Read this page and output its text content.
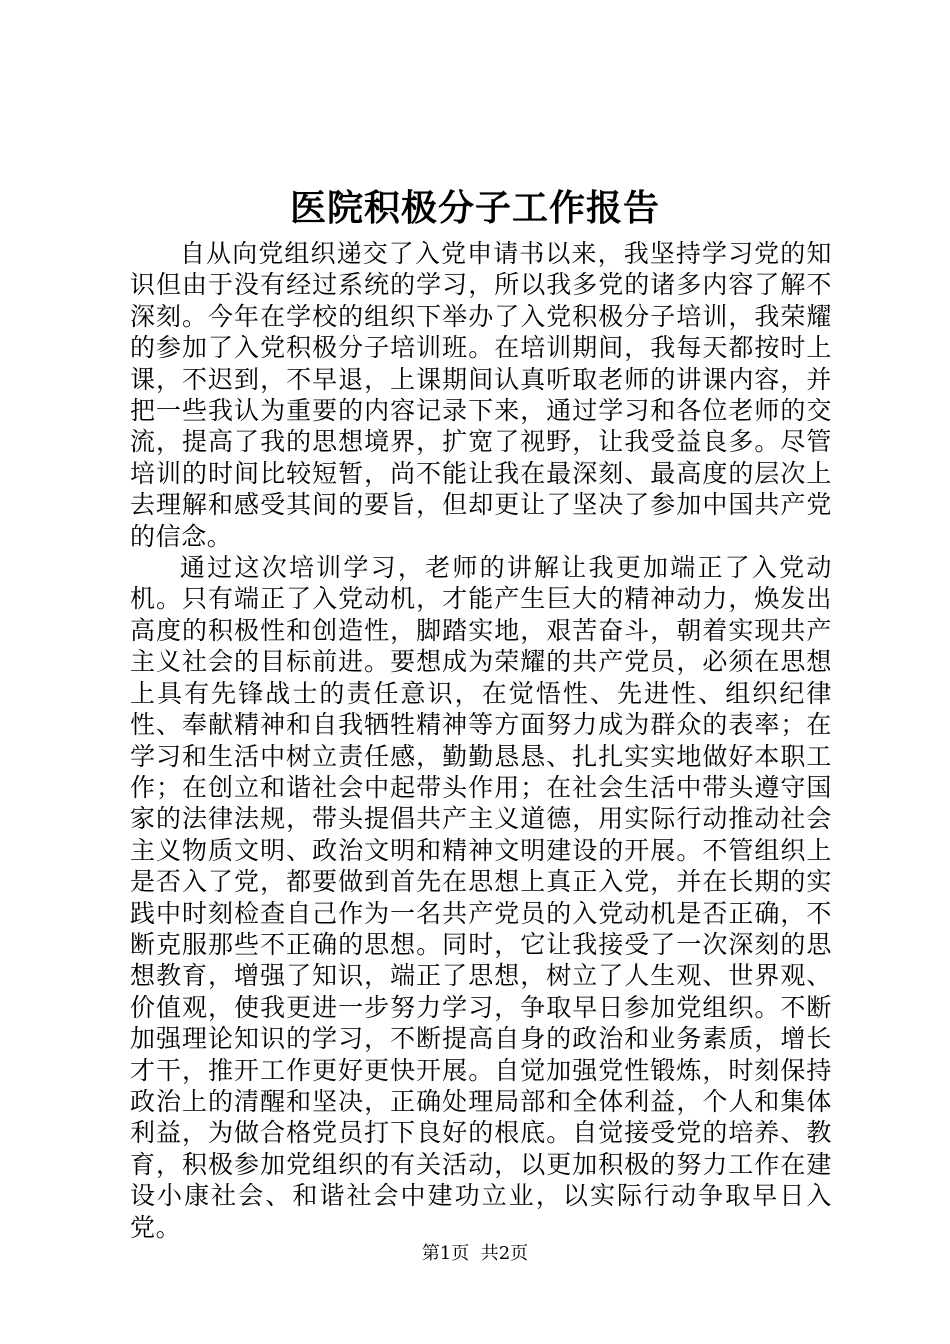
医院积极分子工作报告

自从向党组织递交了入党申请书以来，我坚持学习党的知识但由于没有经过系统的学习，所以我多党的诸多内容了解不深刻。今年在学校的组织下举办了入党积极分子培训，我荣耀的参加了入党积极分子培训班。在培训期间，我每天都按时上课，不迟到，不早退，上课期间认真听取老师的讲课内容，并把一些我认为重要的内容记录下来，通过学习和各位老师的交流，提高了我的思想境界，扩宽了视野，让我受益良多。尽管培训的时间比较短暂，尚不能让我在最深刻、最高度的层次上去理解和感受其间的要旨，但却更让了坚决了参加中国共产党的信念。

通过这次培训学习，老师的讲解让我更加端正了入党动机。只有端正了入党动机，才能产生巨大的精神动力，焕发出高度的积极性和创造性，脚踏实地，艰苦奋斗，朝着实现共产主义社会的目标前进。要想成为荣耀的共产党员，必须在思想上具有先锋战士的责任意识，在觉悟性、先进性、组织纪律性、奉献精神和自我牺牲精神等方面努力成为群众的表率；在学习和生活中树立责任感，勤勤恳恳、扎扎实实地做好本职工作；在创立和谐社会中起带头作用；在社会生活中带头遵守国家的法律法规，带头提倡共产主义道德，用实际行动推动社会主义物质文明、政治文明和精神文明建设的开展。不管组织上是否入了党，都要做到首先在思想上真正入党，并在长期的实践中时刻检查自己作为一名共产党员的入党动机是否正确，不断克服那些不正确的思想。同时，它让我接受了一次深刻的思想教育，增强了知识，端正了思想，树立了人生观、世界观、价值观，使我更进一步努力学习，争取早日参加党组织。不断加强理论知识的学习，不断提高自身的政治和业务素质，增长才干，推开工作更好更快开展。自觉加强党性锻炼，时刻保持政治上的清醒和坚决，正确处理局部和全体利益，个人和集体利益，为做合格党员打下良好的根底。自觉接受党的培养、教育，积极参加党组织的有关活动，以更加积极的努力工作在建设小康社会、和谐社会中建功立业，以实际行动争取早日入党。

第1页 共2页
